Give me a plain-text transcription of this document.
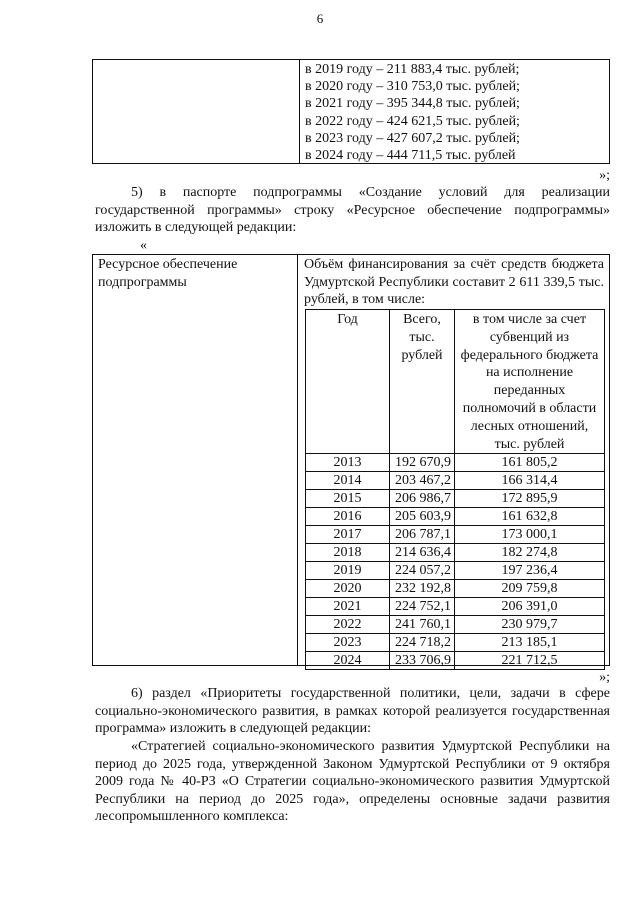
6
в 2019 году – 211 883,4 тыс. рублей;
в 2020 году – 310 753,0 тыс. рублей;
в 2021 году – 395 344,8 тыс. рублей;
в 2022 году – 424 621,5 тыс. рублей;
в 2023 году – 427 607,2 тыс. рублей;
в 2024 году – 444 711,5 тыс. рублей
»;

5) в паспорте подпрограммы «Создание условий для реализации государственной программы» строку «Ресурсное обеспечение подпрограммы» изложить в следующей редакции:

«
Ресурсное обеспечение подпрограммы
Объём финансирования за счёт средств бюджета Удмуртской Республики составит 2 611 339,5 тыс. рублей, в том числе:
Год	Всего, тыс. рублей	в том числе за счет субвенций из федерального бюджета на исполнение переданных полномочий в области лесных отношений, тыс. рублей
2013	192 670,9	161 805,2
2014	203 467,2	166 314,4
2015	206 986,7	172 895,9
2016	205 603,9	161 632,8
2017	206 787,1	173 000,1
2018	214 636,4	182 274,8
2019	224 057,2	197 236,4
2020	232 192,8	209 759,8
2021	224 752,1	206 391,0
2022	241 760,1	230 979,7
2023	224 718,2	213 185,1
2024	233 706,9	221 712,5
»;

6) раздел «Приоритеты государственной политики, цели, задачи в сфере социально-экономического развития, в рамках которой реализуется государственная программа» изложить в следующей редакции:

«Стратегией социально-экономического развития Удмуртской Республики на период до 2025 года, утвержденной Законом Удмуртской Республики от 9 октября 2009 года № 40-РЗ «О Стратегии социально-экономического развития Удмуртской Республики на период до 2025 года», определены основные задачи развития лесопромышленного комплекса:
